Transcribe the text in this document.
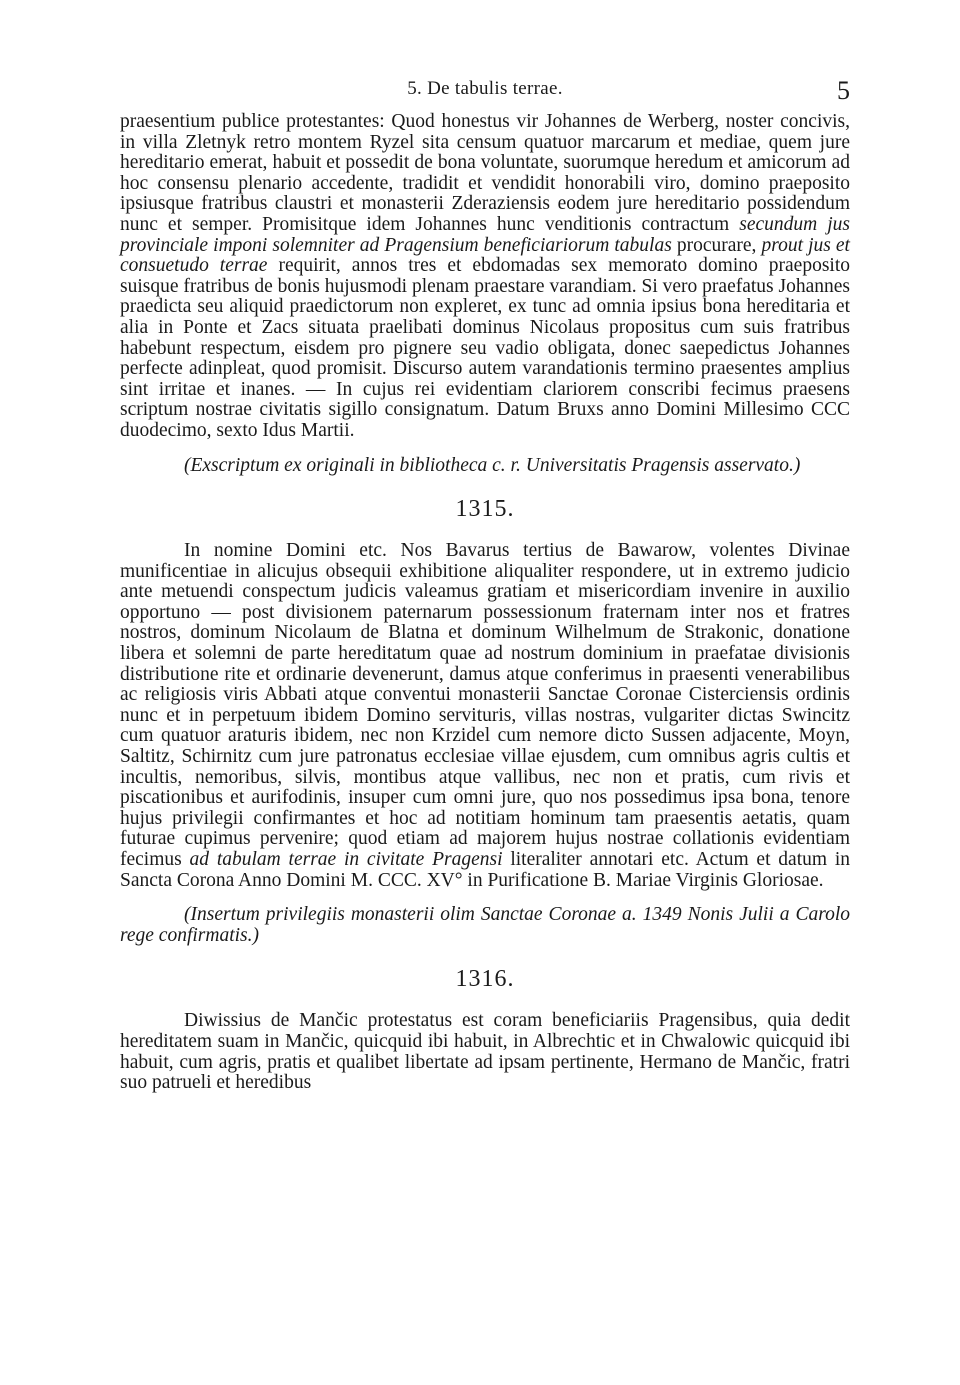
5. De tabulis terrae.	5

praesentium publice protestantes: Quod honestus vir Johannes de Werberg, noster concivis, in villa Zletnyk retro montem Ryzel sita censum quatuor marcarum et mediae, quem jure hereditario emerat, habuit et possedit de bona voluntate, suorumque heredum et amicorum ad hoc consensu plenario accedente, tradidit et vendidit honorabili viro, domino praeposito ipsiusque fratribus claustri et monasterii Zderaziensis eodem jure hereditario possidendum nunc et semper. Promisitque idem Johannes hunc venditionis contractum secundum jus provinciale imponi solemniter ad Pragensium beneficiariorum tabulas procurare, prout jus et consuetudo terrae requirit, annos tres et ebdomadas sex memorato domino praeposito suisque fratribus de bonis hujusmodi plenam praestare varandiam. Si vero praefatus Johannes praedicta seu aliquid praedictorum non expleret, ex tunc ad omnia ipsius bona hereditaria et alia in Ponte et Zacs situata praelibati dominus Nicolaus propositus cum suis fratribus habebunt respectum, eisdem pro pignere seu vadio obligata, donec saepedictus Johannes perfecte adinpleat, quod promisit. Discurso autem varandationis termino praesentes amplius sint irritae et inanes. — In cujus rei evidentiam clariorem conscribi fecimus praesens scriptum nostrae civitatis sigillo consignatum. Datum Bruxs anno Domini Millesimo CCC duodecimo, sexto Idus Martii.

(Exscriptum ex originali in bibliotheca c. r. Universitatis Pragensis asservato.)

1315.

In nomine Domini etc. Nos Bavarus tertius de Bawarow, volentes Divinae munificentiae in alicujus obsequii exhibitione aliqualiter respondere, ut in extremo judicio ante metuendi conspectum judicis valeamus gratiam et misericordiam invenire in auxilio opportuno — post divisionem paternarum possessionum fraternam inter nos et fratres nostros, dominum Nicolaum de Blatna et dominum Wilhelmum de Strakonic, donatione libera et solemni de parte hereditatum quae ad nostrum dominium in praefatae divisionis distributione rite et ordinarie devenerunt, damus atque conferimus in praesenti venerabilibus ac religiosis viris Abbati atque conventui monasterii Sanctae Coronae Cisterciensis ordinis nunc et in perpetuum ibidem Domino servituris, villas nostras, vulgariter dictas Swincitz cum quatuor araturis ibidem, nec non Krzidel cum nemore dicto Sussen adjacente, Moyn, Saltitz, Schirnitz cum jure patronatus ecclesiae villae ejusdem, cum omnibus agris cultis et incultis, nemoribus, silvis, montibus atque vallibus, nec non et pratis, cum rivis et piscationibus et aurifodinis, insuper cum omni jure, quo nos possedimus ipsa bona, tenore hujus privilegii confirmantes et hoc ad notitiam hominum tam praesentis aetatis, quam futurae cupimus pervenire; quod etiam ad majorem hujus nostrae collationis evidentiam fecimus ad tabulam terrae in civitate Pragensi literaliter annotari etc. Actum et datum in Sancta Corona Anno Domini M. CCC. XV° in Purificatione B. Mariae Virginis Gloriosae.

(Insertum privilegiis monasterii olim Sanctae Coronae a. 1349 Nonis Julii a Carolo rege confirmatis.)

1316.

Diwissius de Mančic protestatus est coram beneficiariis Pragensibus, quia dedit hereditatem suam in Mančic, quicquid ibi habuit, in Albrechtic et in Chwalowic quicquid ibi habuit, cum agris, pratis et qualibet libertate ad ipsam pertinente, Hermano de Mančic, fratri suo patrueli et heredibus
